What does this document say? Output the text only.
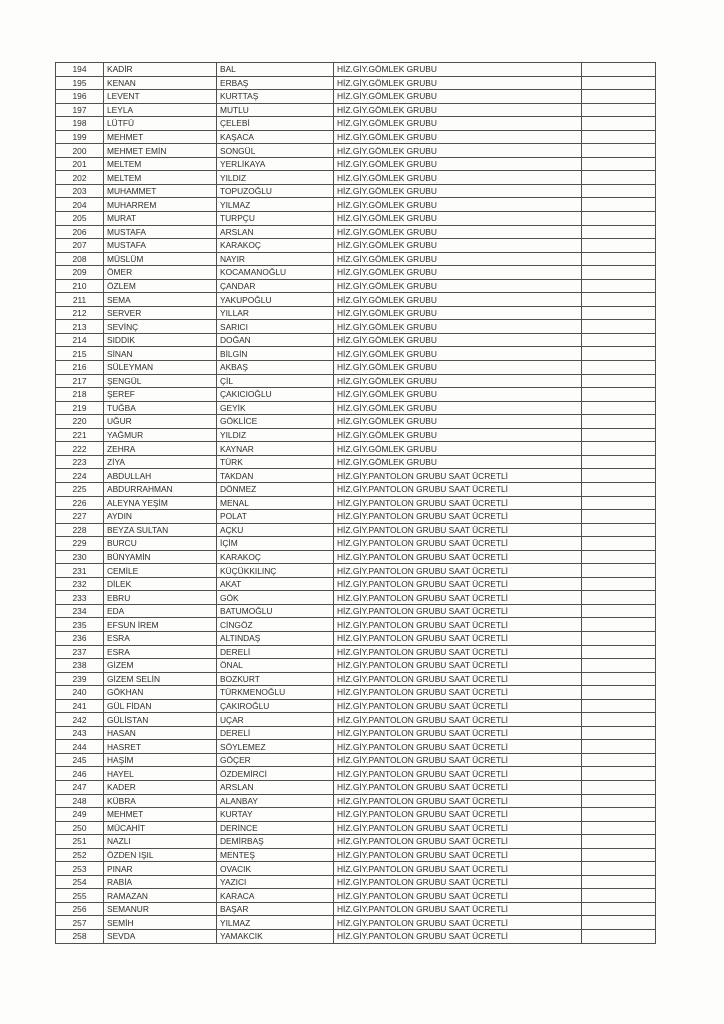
194	KADİR	BAL	HİZ.GİY.GÖMLEK GRUBU	
195	KENAN	ERBAŞ	HİZ.GİY.GÖMLEK GRUBU	
196	LEVENT	KURTTAŞ	HİZ.GİY.GÖMLEK GRUBU	
197	LEYLA	MUTLU	HİZ.GİY.GÖMLEK GRUBU	
198	LÜTFÜ	ÇELEBİ	HİZ.GİY.GÖMLEK GRUBU	
199	MEHMET	KAŞACA	HİZ.GİY.GÖMLEK GRUBU	
200	MEHMET EMİN	SONGÜL	HİZ.GİY.GÖMLEK GRUBU	
201	MELTEM	YERLİKAYA	HİZ.GİY.GÖMLEK GRUBU	
202	MELTEM	YILDIZ	HİZ.GİY.GÖMLEK GRUBU	
203	MUHAMMET	TOPUZOĞLU	HİZ.GİY.GÖMLEK GRUBU	
204	MUHARREM	YILMAZ	HİZ.GİY.GÖMLEK GRUBU	
205	MURAT	TURPÇU	HİZ.GİY.GÖMLEK GRUBU	
206	MUSTAFA	ARSLAN	HİZ.GİY.GÖMLEK GRUBU	
207	MUSTAFA	KARAKOÇ	HİZ.GİY.GÖMLEK GRUBU	
208	MÜSLÜM	NAYIR	HİZ.GİY.GÖMLEK GRUBU	
209	ÖMER	KOCAMANOĞLU	HİZ.GİY.GÖMLEK GRUBU	
210	ÖZLEM	ÇANDAR	HİZ.GİY.GÖMLEK GRUBU	
211	SEMA	YAKUPOĞLU	HİZ.GİY.GÖMLEK GRUBU	
212	SERVER	YILLAR	HİZ.GİY.GÖMLEK GRUBU	
213	SEVİNÇ	SARICI	HİZ.GİY.GÖMLEK GRUBU	
214	SIDDIK	DOĞAN	HİZ.GİY.GÖMLEK GRUBU	
215	SİNAN	BİLGİN	HİZ.GİY.GÖMLEK GRUBU	
216	SÜLEYMAN	AKBAŞ	HİZ.GİY.GÖMLEK GRUBU	
217	ŞENGÜL	ÇİL	HİZ.GİY.GÖMLEK GRUBU	
218	ŞEREF	ÇAKICIOĞLU	HİZ.GİY.GÖMLEK GRUBU	
219	TUĞBA	GEYİK	HİZ.GİY.GÖMLEK GRUBU	
220	UĞUR	GÖKLİCE	HİZ.GİY.GÖMLEK GRUBU	
221	YAĞMUR	YILDIZ	HİZ.GİY.GÖMLEK GRUBU	
222	ZEHRA	KAYNAR	HİZ.GİY.GÖMLEK GRUBU	
223	ZİYA	TÜRK	HİZ.GİY.GÖMLEK GRUBU	
224	ABDULLAH	TAKDAN	HİZ.GİY.PANTOLON GRUBU SAAT ÜCRETLİ	
225	ABDURRAHMAN	DÖNMEZ	HİZ.GİY.PANTOLON GRUBU SAAT ÜCRETLİ	
226	ALEYNA YEŞİM	MENAL	HİZ.GİY.PANTOLON GRUBU SAAT ÜCRETLİ	
227	AYDIN	POLAT	HİZ.GİY.PANTOLON GRUBU SAAT ÜCRETLİ	
228	BEYZA SULTAN	AÇKU	HİZ.GİY.PANTOLON GRUBU SAAT ÜCRETLİ	
229	BURCU	İÇİM	HİZ.GİY.PANTOLON GRUBU SAAT ÜCRETLİ	
230	BÜNYAMİN	KARAKOÇ	HİZ.GİY.PANTOLON GRUBU SAAT ÜCRETLİ	
231	CEMİLE	KÜÇÜKKILINÇ	HİZ.GİY.PANTOLON GRUBU SAAT ÜCRETLİ	
232	DİLEK	AKAT	HİZ.GİY.PANTOLON GRUBU SAAT ÜCRETLİ	
233	EBRU	GÖK	HİZ.GİY.PANTOLON GRUBU SAAT ÜCRETLİ	
234	EDA	BATUMOĞLU	HİZ.GİY.PANTOLON GRUBU SAAT ÜCRETLİ	
235	EFSUN İREM	CİNGÖZ	HİZ.GİY.PANTOLON GRUBU SAAT ÜCRETLİ	
236	ESRA	ALTINDAŞ	HİZ.GİY.PANTOLON GRUBU SAAT ÜCRETLİ	
237	ESRA	DERELİ	HİZ.GİY.PANTOLON GRUBU SAAT ÜCRETLİ	
238	GİZEM	ÖNAL	HİZ.GİY.PANTOLON GRUBU SAAT ÜCRETLİ	
239	GİZEM SELİN	BOZKURT	HİZ.GİY.PANTOLON GRUBU SAAT ÜCRETLİ	
240	GÖKHAN	TÜRKMENOĞLU	HİZ.GİY.PANTOLON GRUBU SAAT ÜCRETLİ	
241	GÜL FİDAN	ÇAKIROĞLU	HİZ.GİY.PANTOLON GRUBU SAAT ÜCRETLİ	
242	GÜLİSTAN	UÇAR	HİZ.GİY.PANTOLON GRUBU SAAT ÜCRETLİ	
243	HASAN	DERELİ	HİZ.GİY.PANTOLON GRUBU SAAT ÜCRETLİ	
244	HASRET	SÖYLEMEZ	HİZ.GİY.PANTOLON GRUBU SAAT ÜCRETLİ	
245	HAŞİM	GÖÇER	HİZ.GİY.PANTOLON GRUBU SAAT ÜCRETLİ	
246	HAYEL	ÖZDEMİRCİ	HİZ.GİY.PANTOLON GRUBU SAAT ÜCRETLİ	
247	KADER	ARSLAN	HİZ.GİY.PANTOLON GRUBU SAAT ÜCRETLİ	
248	KÜBRA	ALANBAY	HİZ.GİY.PANTOLON GRUBU SAAT ÜCRETLİ	
249	MEHMET	KURTAY	HİZ.GİY.PANTOLON GRUBU SAAT ÜCRETLİ	
250	MÜCAHİT	DERİNCE	HİZ.GİY.PANTOLON GRUBU SAAT ÜCRETLİ	
251	NAZLI	DEMİRBAŞ	HİZ.GİY.PANTOLON GRUBU SAAT ÜCRETLİ	
252	ÖZDEN IŞIL	MENTEŞ	HİZ.GİY.PANTOLON GRUBU SAAT ÜCRETLİ	
253	PINAR	OVACIK	HİZ.GİY.PANTOLON GRUBU SAAT ÜCRETLİ	
254	RABİA	YAZICI	HİZ.GİY.PANTOLON GRUBU SAAT ÜCRETLİ	
255	RAMAZAN	KARACA	HİZ.GİY.PANTOLON GRUBU SAAT ÜCRETLİ	
256	SEMANUR	BAŞAR	HİZ.GİY.PANTOLON GRUBU SAAT ÜCRETLİ	
257	SEMİH	YILMAZ	HİZ.GİY.PANTOLON GRUBU SAAT ÜCRETLİ	
258	SEVDA	YAMAKCIK	HİZ.GİY.PANTOLON GRUBU SAAT ÜCRETLİ	
